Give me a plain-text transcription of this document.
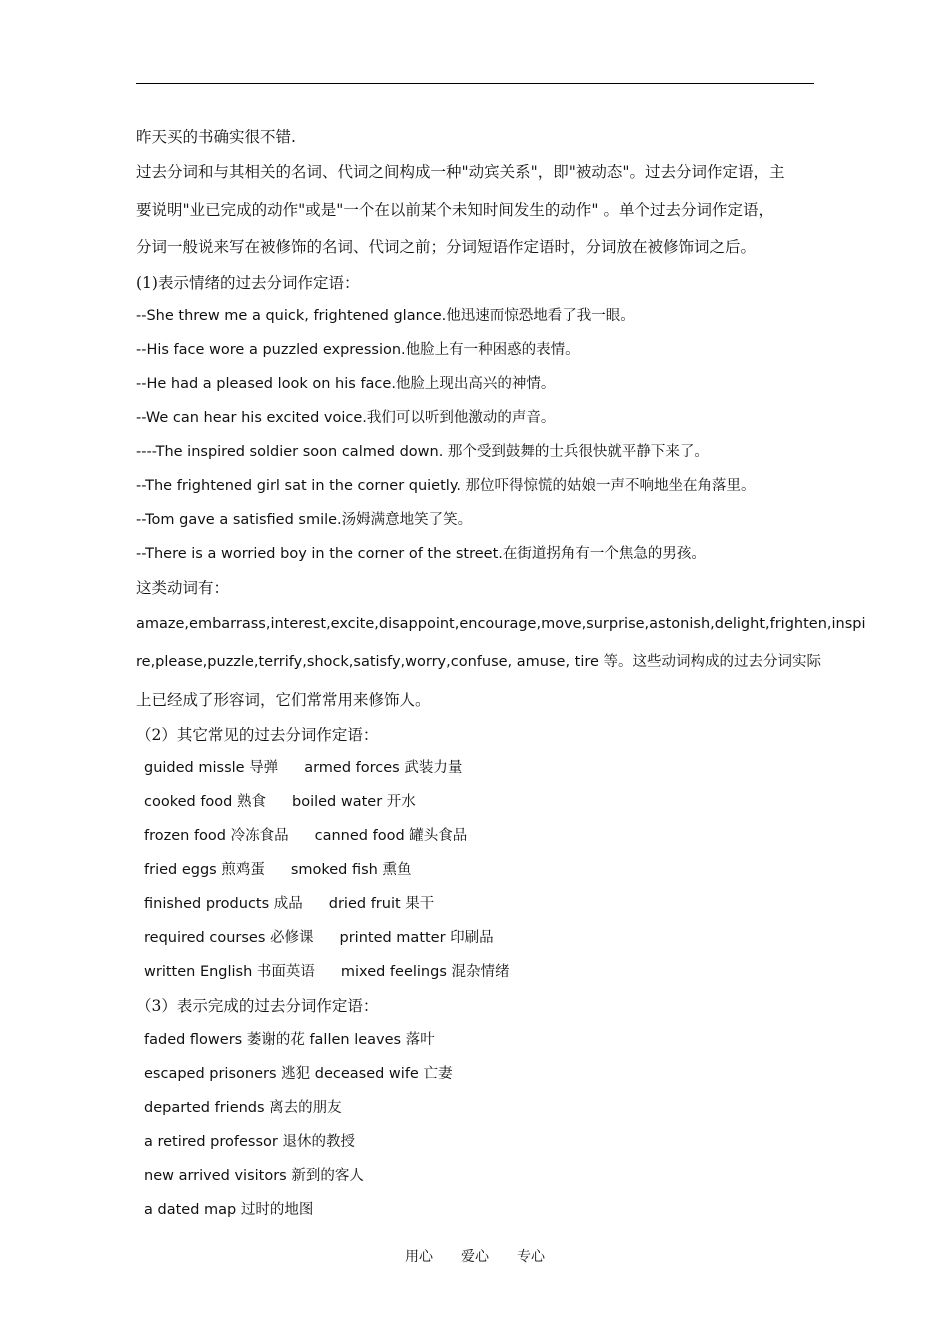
昨天买的书确实很不错.
过去分词和与其相关的名词、代词之间构成一种"动宾关系"，即"被动态"。过去分词作定语，主
要说明"业已完成的动作"或是"一个在以前某个未知时间发生的动作" 。单个过去分词作定语，
分词一般说来写在被修饰的名词、代词之前；分词短语作定语时，分词放在被修饰词之后。
(1)表示情绪的过去分词作定语：
--She threw me a quick, frightened glance.他迅速而惊恐地看了我一眼。
--His face wore a puzzled expression.他脸上有一种困惑的表情。
--He had a pleased look on his face.他脸上现出高兴的神情。
--We can hear his excited voice.我们可以听到他激动的声音。
----The inspired soldier soon calmed down. 那个受到鼓舞的士兵很快就平静下来了。
--The frightened girl sat in the corner quietly. 那位吓得惊慌的姑娘一声不响地坐在角落里。
--Tom gave a satisfied smile.汤姆满意地笑了笑。
--There is a worried boy in the corner of the street.在街道拐角有一个焦急的男孩。
这类动词有：
amaze,embarrass,interest,excite,disappoint,encourage,move,surprise,astonish,delight,frighten,inspi
re,please,puzzle,terrify,shock,satisfy,worry,confuse, amuse, tire 等。这些动词构成的过去分词实际
上已经成了形容词，它们常常用来修饰人。
（2）其它常见的过去分词作定语：
guided missle 导弹 armed forces 武装力量
cooked food 熟食 boiled water 开水
frozen food 冷冻食品 canned food 罐头食品
fried eggs 煎鸡蛋 smoked fish 熏鱼
finished products 成品 dried fruit 果干
required courses 必修课 printed matter 印刷品
written English 书面英语 mixed feelings 混杂情绪
（3）表示完成的过去分词作定语：
faded flowers 萎谢的花 fallen leaves 落叶
escaped prisoners 逃犯 deceased wife 亡妻
departed friends 离去的朋友
a retired professor 退休的教授
new arrived visitors 新到的客人
a dated map 过时的地图
用心 爱心 专心
